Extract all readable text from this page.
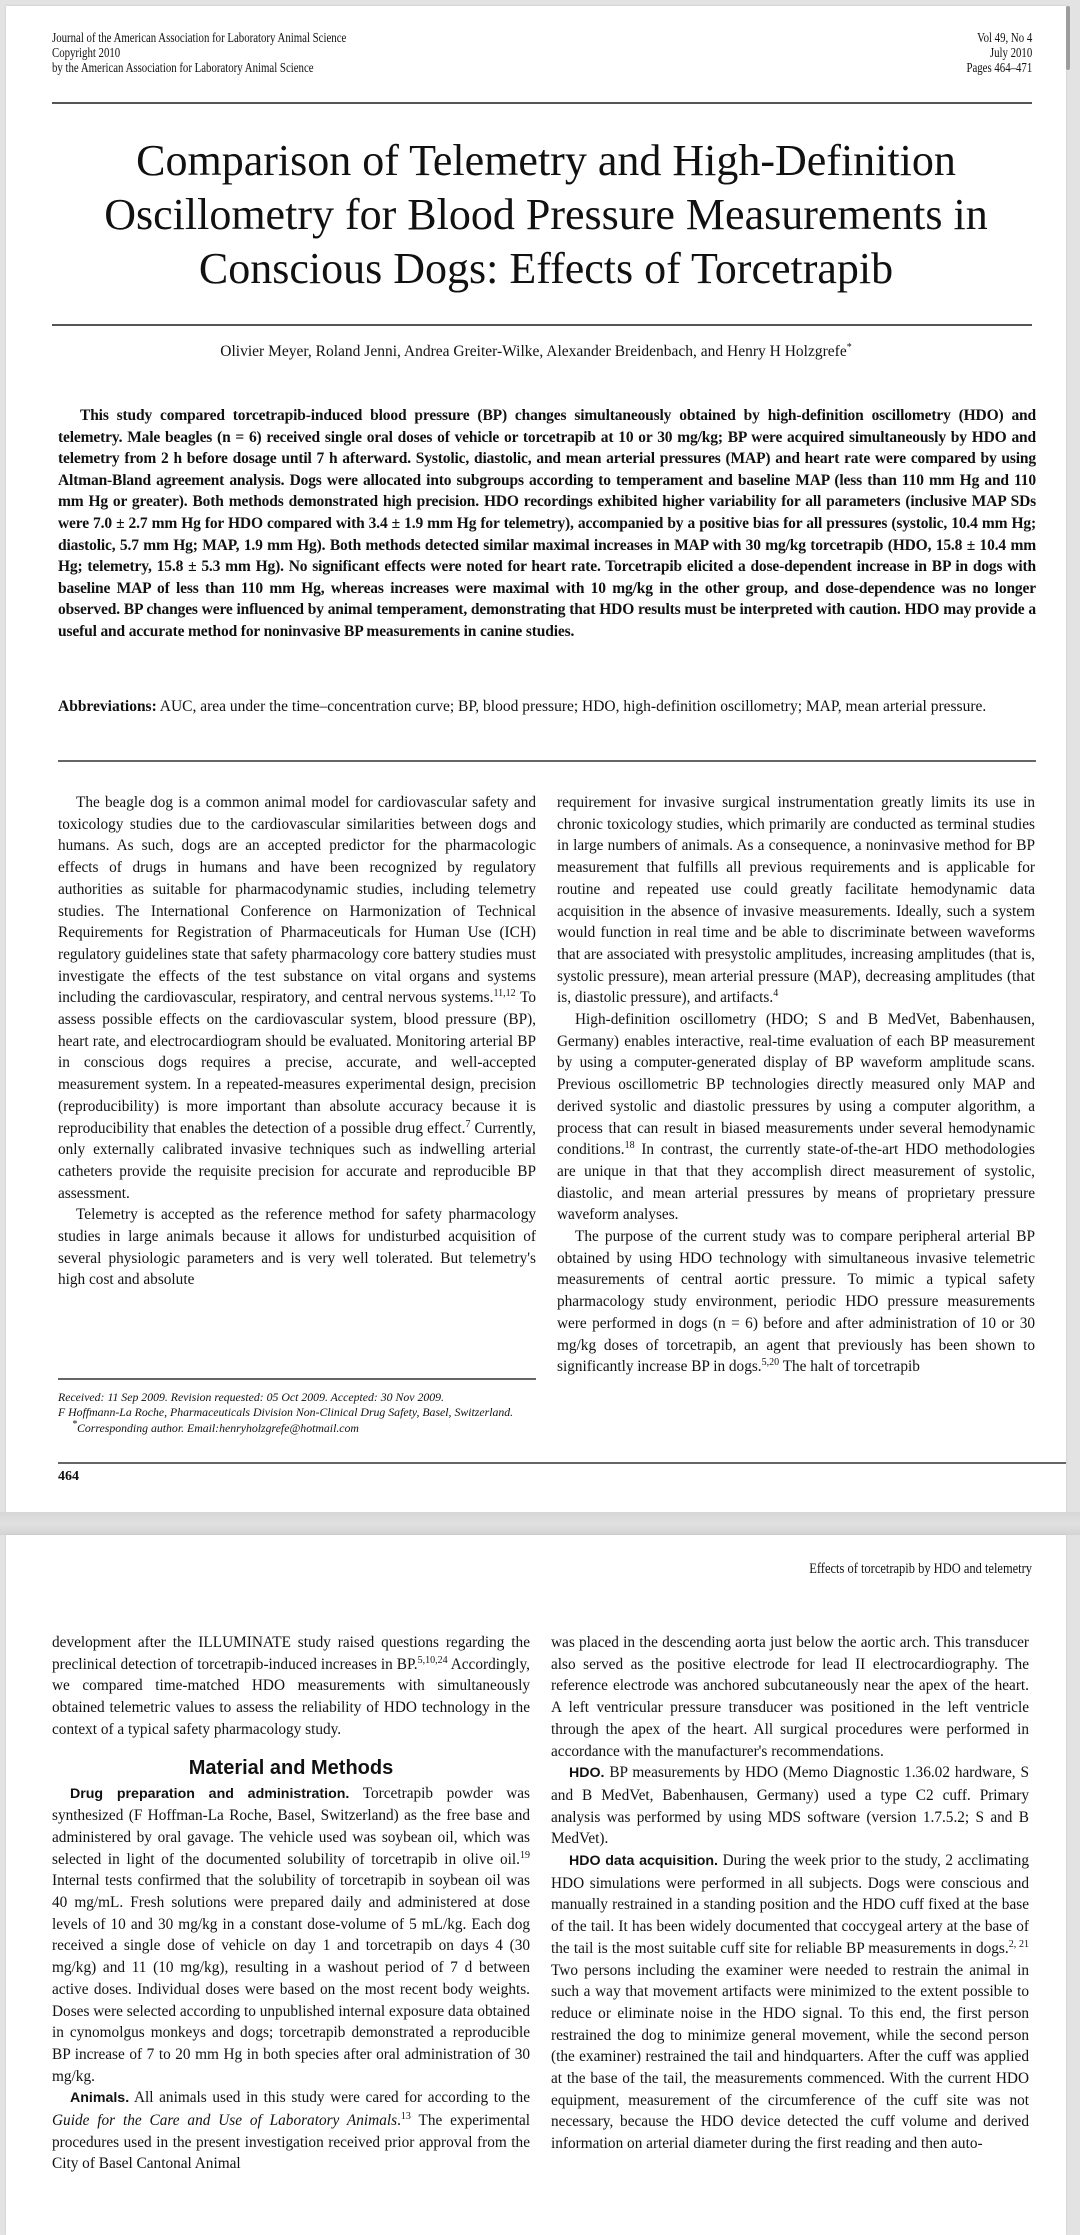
Journal of the American Association for Laboratory Animal Science
Copyright 2010
by the American Association for Laboratory Animal Science
Vol 49, No 4
July 2010
Pages 464–471
Comparison of Telemetry and High-Definition Oscillometry for Blood Pressure Measurements in Conscious Dogs: Effects of Torcetrapib
Olivier Meyer, Roland Jenni, Andrea Greiter-Wilke, Alexander Breidenbach, and Henry H Holzgrefe*
This study compared torcetrapib-induced blood pressure (BP) changes simultaneously obtained by high-definition oscillometry (HDO) and telemetry. Male beagles (n = 6) received single oral doses of vehicle or torcetrapib at 10 or 30 mg/kg; BP were acquired simultaneously by HDO and telemetry from 2 h before dosage until 7 h afterward. Systolic, diastolic, and mean arterial pressures (MAP) and heart rate were compared by using Altman-Bland agreement analysis. Dogs were allocated into subgroups according to temperament and baseline MAP (less than 110 mm Hg and 110 mm Hg or greater). Both methods demonstrated high precision. HDO recordings exhibited higher variability for all parameters (inclusive MAP SDs were 7.0 ± 2.7 mm Hg for HDO compared with 3.4 ± 1.9 mm Hg for telemetry), accompanied by a positive bias for all pressures (systolic, 10.4 mm Hg; diastolic, 5.7 mm Hg; MAP, 1.9 mm Hg). Both methods detected similar maximal increases in MAP with 30 mg/kg torcetrapib (HDO, 15.8 ± 10.4 mm Hg; telemetry, 15.8 ± 5.3 mm Hg). No significant effects were noted for heart rate. Torcetrapib elicited a dose-dependent increase in BP in dogs with baseline MAP of less than 110 mm Hg, whereas increases were maximal with 10 mg/kg in the other group, and dose-dependence was no longer observed. BP changes were influenced by animal temperament, demonstrating that HDO results must be interpreted with caution. HDO may provide a useful and accurate method for noninvasive BP measurements in canine studies.
Abbreviations: AUC, area under the time–concentration curve; BP, blood pressure; HDO, high-definition oscillometry; MAP, mean arterial pressure.

The beagle dog is a common animal model for cardiovascular safety and toxicology studies due to the cardiovascular similarities between dogs and humans. As such, dogs are an accepted predictor for the pharmacologic effects of drugs in humans and have been recognized by regulatory authorities as suitable for pharmacodynamic studies, including telemetry studies. The International Conference on Harmonization of Technical Requirements for Registration of Pharmaceuticals for Human Use (ICH) regulatory guidelines state that safety pharmacology core battery studies must investigate the effects of the test substance on vital organs and systems including the cardiovascular, respiratory, and central nervous systems.$^{11,12}$ To assess possible effects on the cardiovascular system, blood pressure (BP), heart rate, and electrocardiogram should be evaluated. Monitoring arterial BP in conscious dogs requires a precise, accurate, and well-accepted measurement system. In a repeated-measures experimental design, precision (reproducibility) is more important than absolute accuracy because it is reproducibility that enables the detection of a possible drug effect.$^7$ Currently, only externally calibrated invasive techniques such as indwelling arterial catheters provide the requisite precision for accurate and reproducible BP assessment.

Telemetry is accepted as the reference method for safety pharmacology studies in large animals because it allows for undisturbed acquisition of several physiologic parameters and is very well tolerated. But telemetry's high cost and absolute

requirement for invasive surgical instrumentation greatly limits its use in chronic toxicology studies, which primarily are conducted as terminal studies in large numbers of animals. As a consequence, a noninvasive method for BP measurement that fulfills all previous requirements and is applicable for routine and repeated use could greatly facilitate hemodynamic data acquisition in the absence of invasive measurements. Ideally, such a system would function in real time and be able to discriminate between waveforms that are associated with presystolic amplitudes, increasing amplitudes (that is, systolic pressure), mean arterial pressure (MAP), decreasing amplitudes (that is, diastolic pressure), and artifacts.$^4$

High-definition oscillometry (HDO; S and B MedVet, Babenhausen, Germany) enables interactive, real-time evaluation of each BP measurement by using a computer-generated display of BP waveform amplitude scans. Previous oscillometric BP technologies directly measured only MAP and derived systolic and diastolic pressures by using a computer algorithm, a process that can result in biased measurements under several hemodynamic conditions.$^{18}$ In contrast, the currently state-of-the-art HDO methodologies are unique in that that they accomplish direct measurement of systolic, diastolic, and mean arterial pressures by means of proprietary pressure waveform analyses.

The purpose of the current study was to compare peripheral arterial BP obtained by using HDO technology with simultaneous invasive telemetric measurements of central aortic pressure. To mimic a typical safety pharmacology study environment, periodic HDO pressure measurements were performed in dogs (n = 6) before and after administration of 10 or 30 mg/kg doses of torcetrapib, an agent that previously has been shown to significantly increase BP in dogs.$^{5,20}$ The halt of torcetrapib

Received: 11 Sep 2009. Revision requested: 05 Oct 2009. Accepted: 30 Nov 2009.

F Hoffmann-La Roche, Pharmaceuticals Division Non-Clinical Drug Safety, Basel, Switzerland.

*Corresponding author. Email:henryholzgrefe@hotmail.com

464
Effects of torcetrapib by HDO and telemetry

development after the ILLUMINATE study raised questions regarding the preclinical detection of torcetrapib-induced increases in BP.$^{5,10,24}$ Accordingly, we compared time-matched HDO measurements with simultaneously obtained telemetric values to assess the reliability of HDO technology in the context of a typical safety pharmacology study.

Material and Methods

Drug preparation and administration. Torcetrapib powder was synthesized (F Hoffman-La Roche, Basel, Switzerland) as the free base and administered by oral gavage. The vehicle used was soybean oil, which was selected in light of the documented solubility of torcetrapib in olive oil.$^{19}$ Internal tests confirmed that the solubility of torcetrapib in soybean oil was 40 mg/mL. Fresh solutions were prepared daily and administered at dose levels of 10 and 30 mg/kg in a constant dose-volume of 5 mL/kg. Each dog received a single dose of vehicle on day 1 and torcetrapib on days 4 (30 mg/kg) and 11 (10 mg/kg), resulting in a washout period of 7 d between active doses. Individual doses were based on the most recent body weights. Doses were selected according to unpublished internal exposure data obtained in cynomolgus monkeys and dogs; torcetrapib demonstrated a reproducible BP increase of 7 to 20 mm Hg in both species after oral administration of 30 mg/kg.

Animals. All animals used in this study were cared for according to the Guide for the Care and Use of Laboratory Animals.$^{13}$ The experimental procedures used in the present investigation received prior approval from the City of Basel Cantonal Animal

was placed in the descending aorta just below the aortic arch. This transducer also served as the positive electrode for lead II electrocardiography. The reference electrode was anchored subcutaneously near the apex of the heart. A left ventricular pressure transducer was positioned in the left ventricle through the apex of the heart. All surgical procedures were performed in accordance with the manufacturer's recommendations.

HDO. BP measurements by HDO (Memo Diagnostic 1.36.02 hardware, S and B MedVet, Babenhausen, Germany) used a type C2 cuff. Primary analysis was performed by using MDS software (version 1.7.5.2; S and B MedVet).

HDO data acquisition. During the week prior to the study, 2 acclimating HDO simulations were performed in all subjects. Dogs were conscious and manually restrained in a standing position and the HDO cuff fixed at the base of the tail. It has been widely documented that coccygeal artery at the base of the tail is the most suitable cuff site for reliable BP measurements in dogs.$^{2, 21}$ Two persons including the examiner were needed to restrain the animal in such a way that movement artifacts were minimized to the extent possible to reduce or eliminate noise in the HDO signal. To this end, the first person restrained the dog to minimize general movement, while the second person (the examiner) restrained the tail and hindquarters. After the cuff was applied at the base of the tail, the measurements commenced. With the current HDO equipment, measurement of the circumference of the cuff site was not necessary, because the HDO device detected the cuff volume and derived information on arterial diameter during the first reading and then auto-
